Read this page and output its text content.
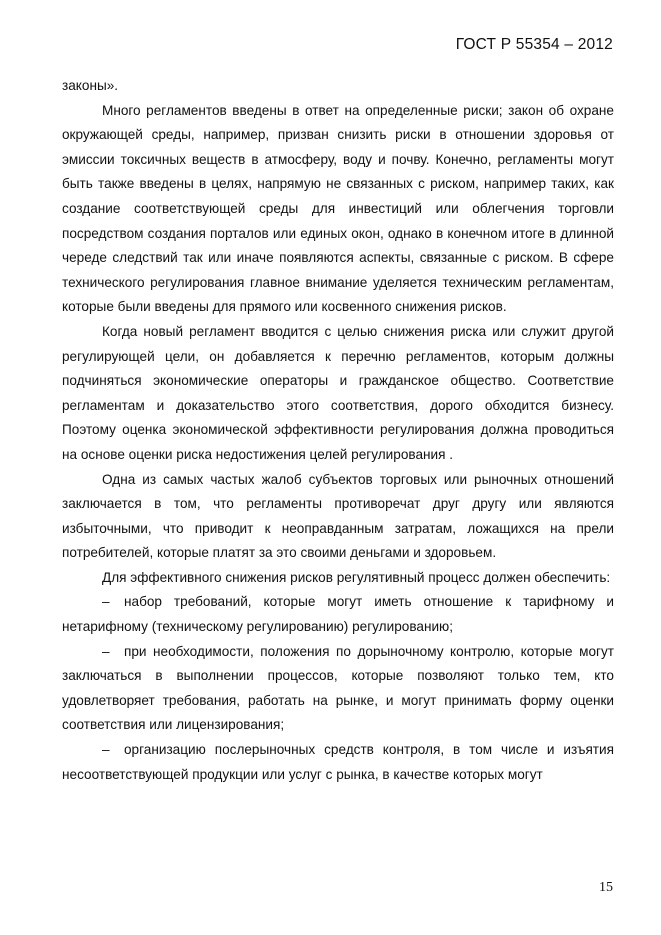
ГОСТ Р 55354 – 2012

законы».

Много регламентов введены в ответ на определенные риски; закон об охране окружающей среды, например, призван снизить риски в отношении здоровья от эмиссии токсичных веществ в атмосферу, воду и почву. Конечно, регламенты могут быть также введены в целях, напрямую не связанных с риском, например таких, как создание соответствующей среды для инвестиций или облегчения торговли посредством создания порталов или единых окон, однако в конечном итоге в длинной череде следствий так или иначе появляются аспекты, связанные с риском. В сфере технического регулирования главное внимание уделяется техническим регламентам, которые были введены для прямого или косвенного снижения рисков.

Когда новый регламент вводится с целью снижения риска или служит другой регулирующей цели, он добавляется к перечню регламентов, которым должны подчиняться экономические операторы и гражданское общество. Соответствие регламентам и доказательство этого соответствия, дорого обходится бизнесу. Поэтому оценка экономической эффективности регулирования должна проводиться на основе оценки риска недостижения целей регулирования .

Одна из самых частых жалоб субъектов торговых или рыночных отношений заключается в том, что регламенты противоречат друг другу или являются избыточными, что приводит к неоправданным затратам, ложащихся на прели потребителей, которые платят за это своими деньгами и здоровьем.

Для эффективного снижения рисков регулятивный процесс должен обеспечить:

– набор требований, которые могут иметь отношение к тарифному и нетарифному (техническому регулированию) регулированию;

– при необходимости, положения по дорыночному контролю, которые могут заключаться в выполнении процессов, которые позволяют только тем, кто удовлетворяет требования, работать на рынке, и могут принимать форму оценки соответствия или лицензирования;

– организацию послерыночных средств контроля, в том числе и изъятия несоответствующей продукции или услуг с рынка, в качестве которых могут

15
